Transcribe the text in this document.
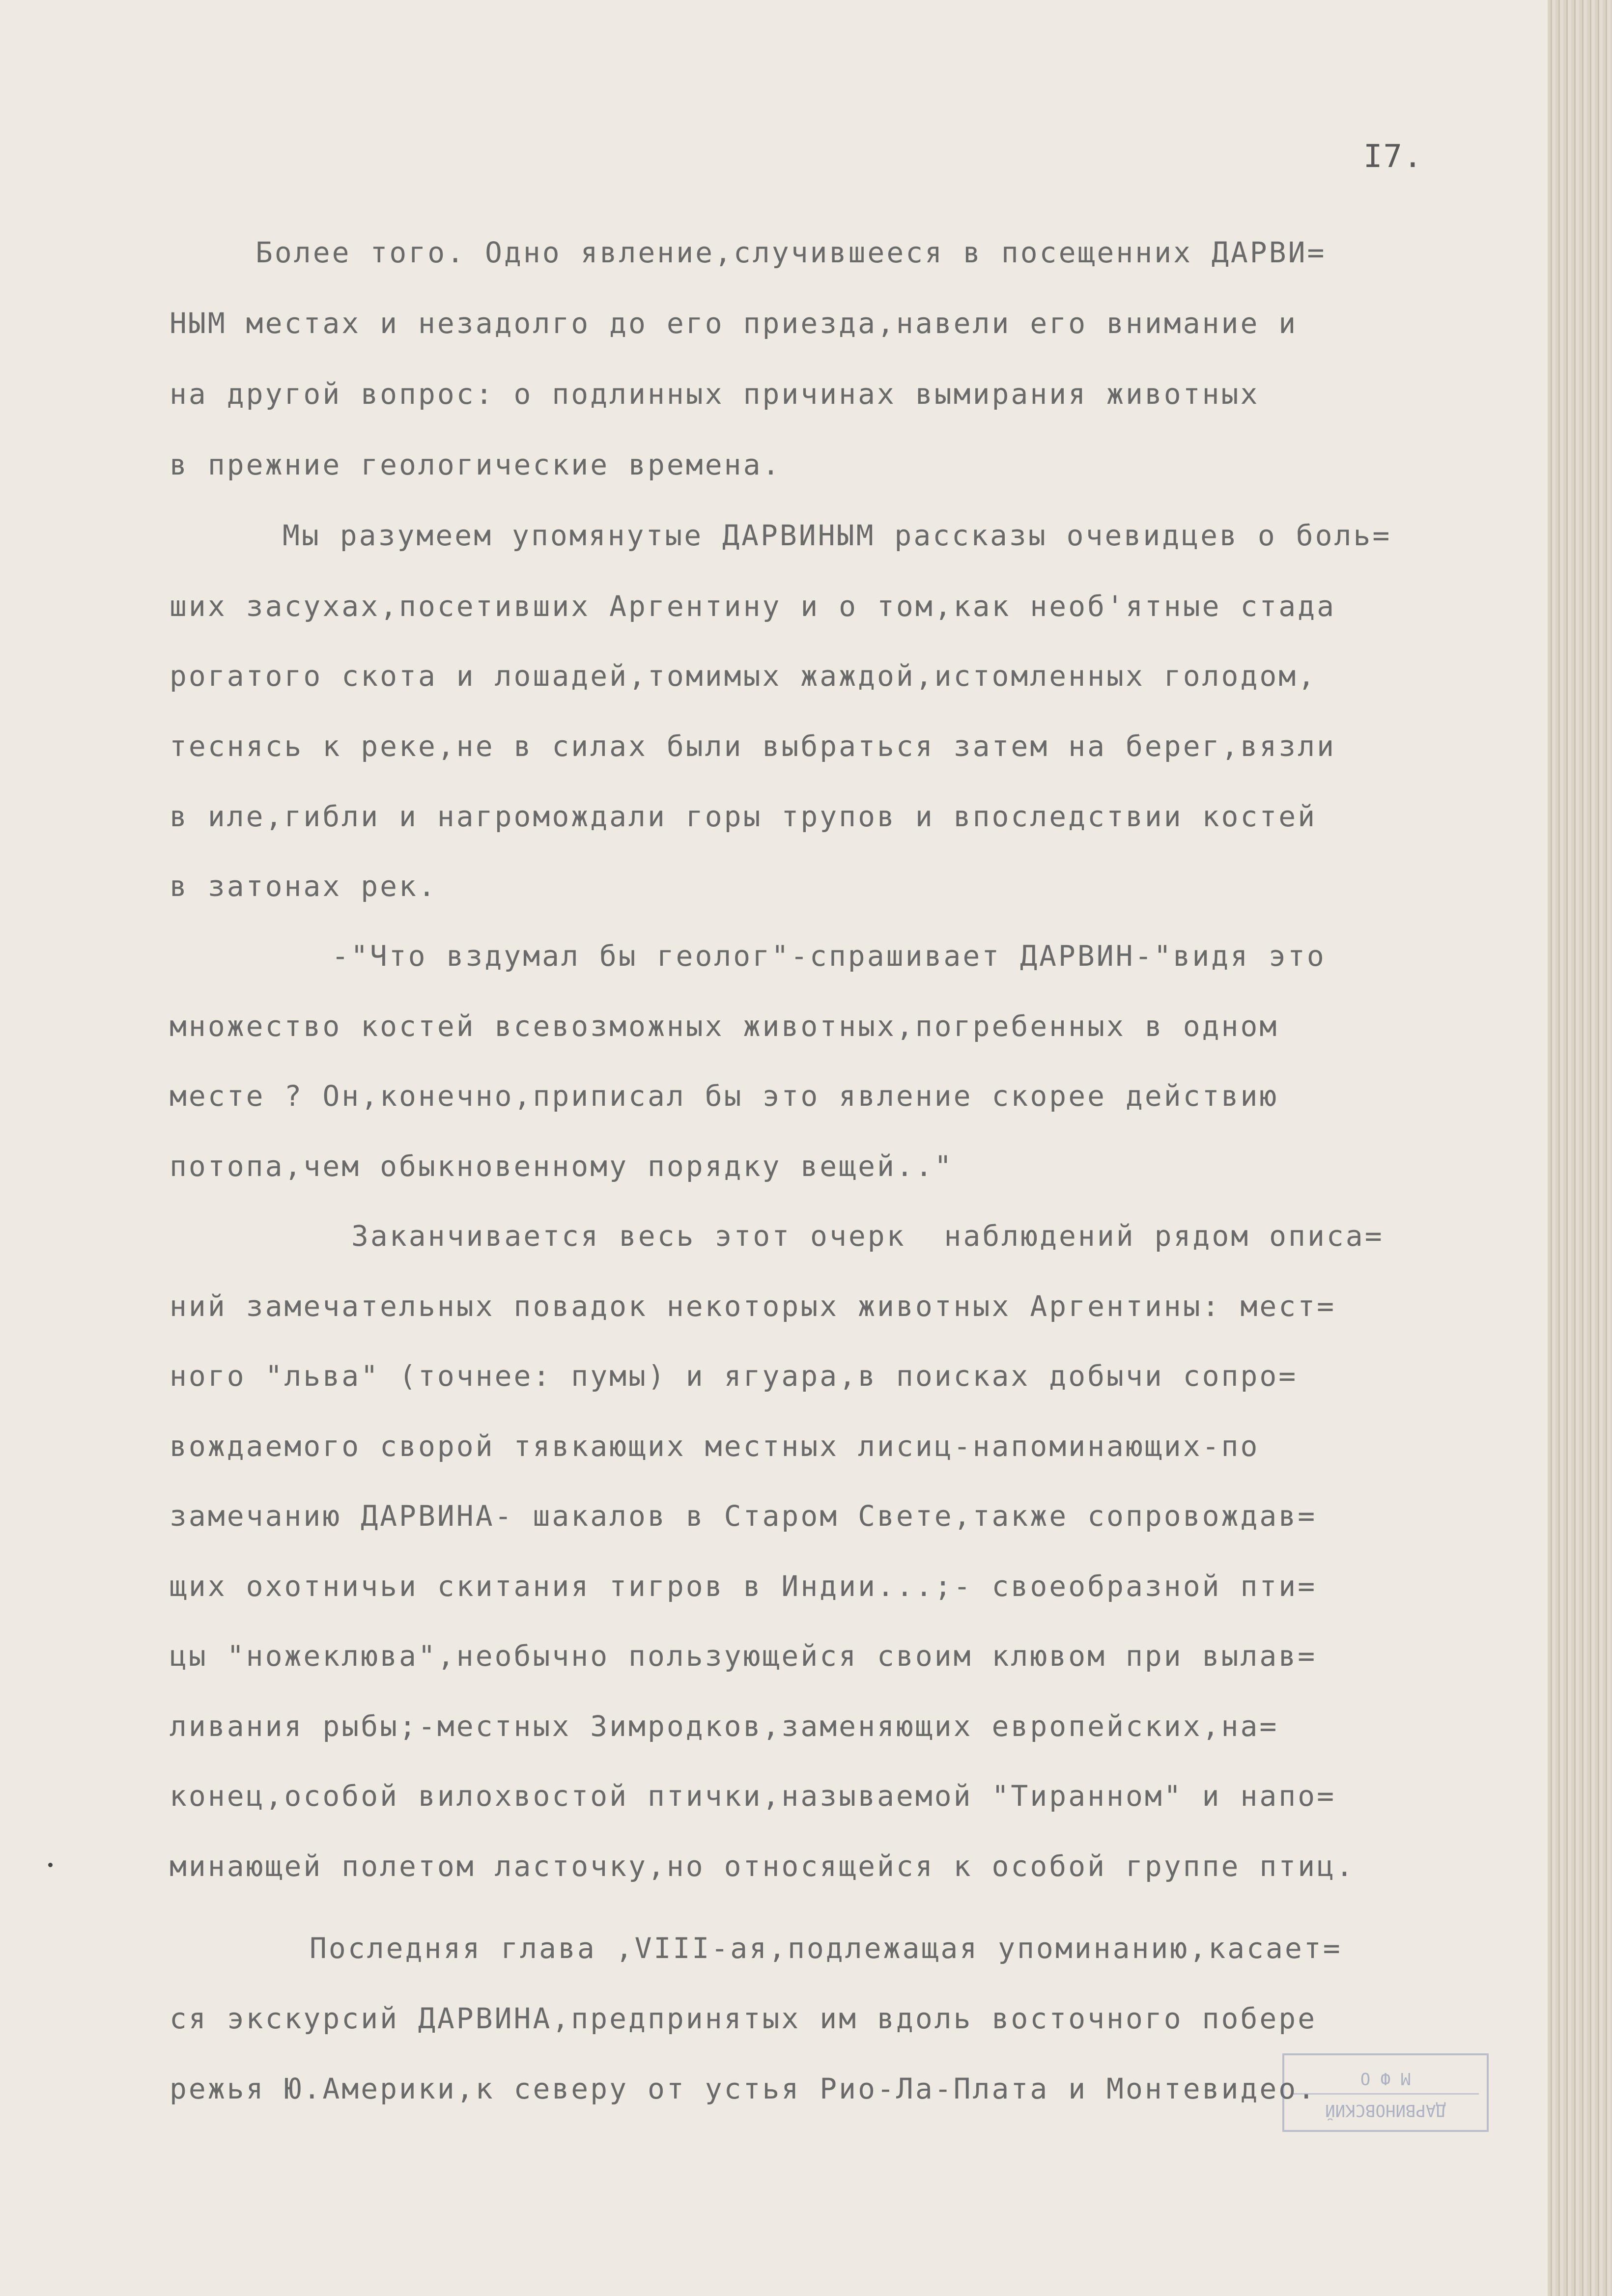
I7.

Более того. Одно явление,случившееся в посещенних ДАРВИ=

НЫМ местах и незадолго до его приезда,навели его внимание и

на другой вопрос: о подлинных причинах вымирания животных

в прежние геологические времена.

Мы разумеем упомянутые ДАРВИНЫМ рассказы очевидцев о боль=

ших засухах,посетивших Аргентину и о том,как необ'ятные стада

рогатого скота и лошадей,томимых жаждой,истомленных голодом,

теснясь к реке,не в силах были выбраться затем на берег,вязли

в иле,гибли и нагромождали горы трупов и впоследствии костей

в затонах рек.

-"Что вздумал бы геолог"-спрашивает ДАРВИН-"видя это

множество костей всевозможных животных,погребенных в одном

месте ? Он,конечно,приписал бы это явление скорее действию

потопа,чем обыкновенному порядку вещей.."

Заканчивается весь этот очерк  наблюдений рядом описа=

ний замечательных повадок некоторых животных Аргентины: мест=

ного "льва" (точнее: пумы) и ягуара,в поисках добычи сопро=

вождаемого сворой тявкающих местных лисиц-напоминающих-по

замечанию ДАРВИНА- шакалов в Старом Свете,также сопровождав=

щих охотничьи скитания тигров в Индии...;- своеобразной пти=

цы "ножеклюва",необычно пользующейся своим клювом при вылав=

ливания рыбы;-местных Зимродков,заменяющих европейских,на=

конец,особой вилохвостой птички,называемой "Тиранном" и напо=

минающей полетом ласточку,но относящейся к особой группе птиц.

Последняя глава ,VIII-ая,подлежащая упоминанию,касает=

ся экскурсий ДАРВИНА,предпринятых им вдоль восточного побере

режья Ю.Америки,к северу от устья Рио-Ла-Плата и Монтевидео.

ДАРВИНОВСКИЙ
М Ф О
